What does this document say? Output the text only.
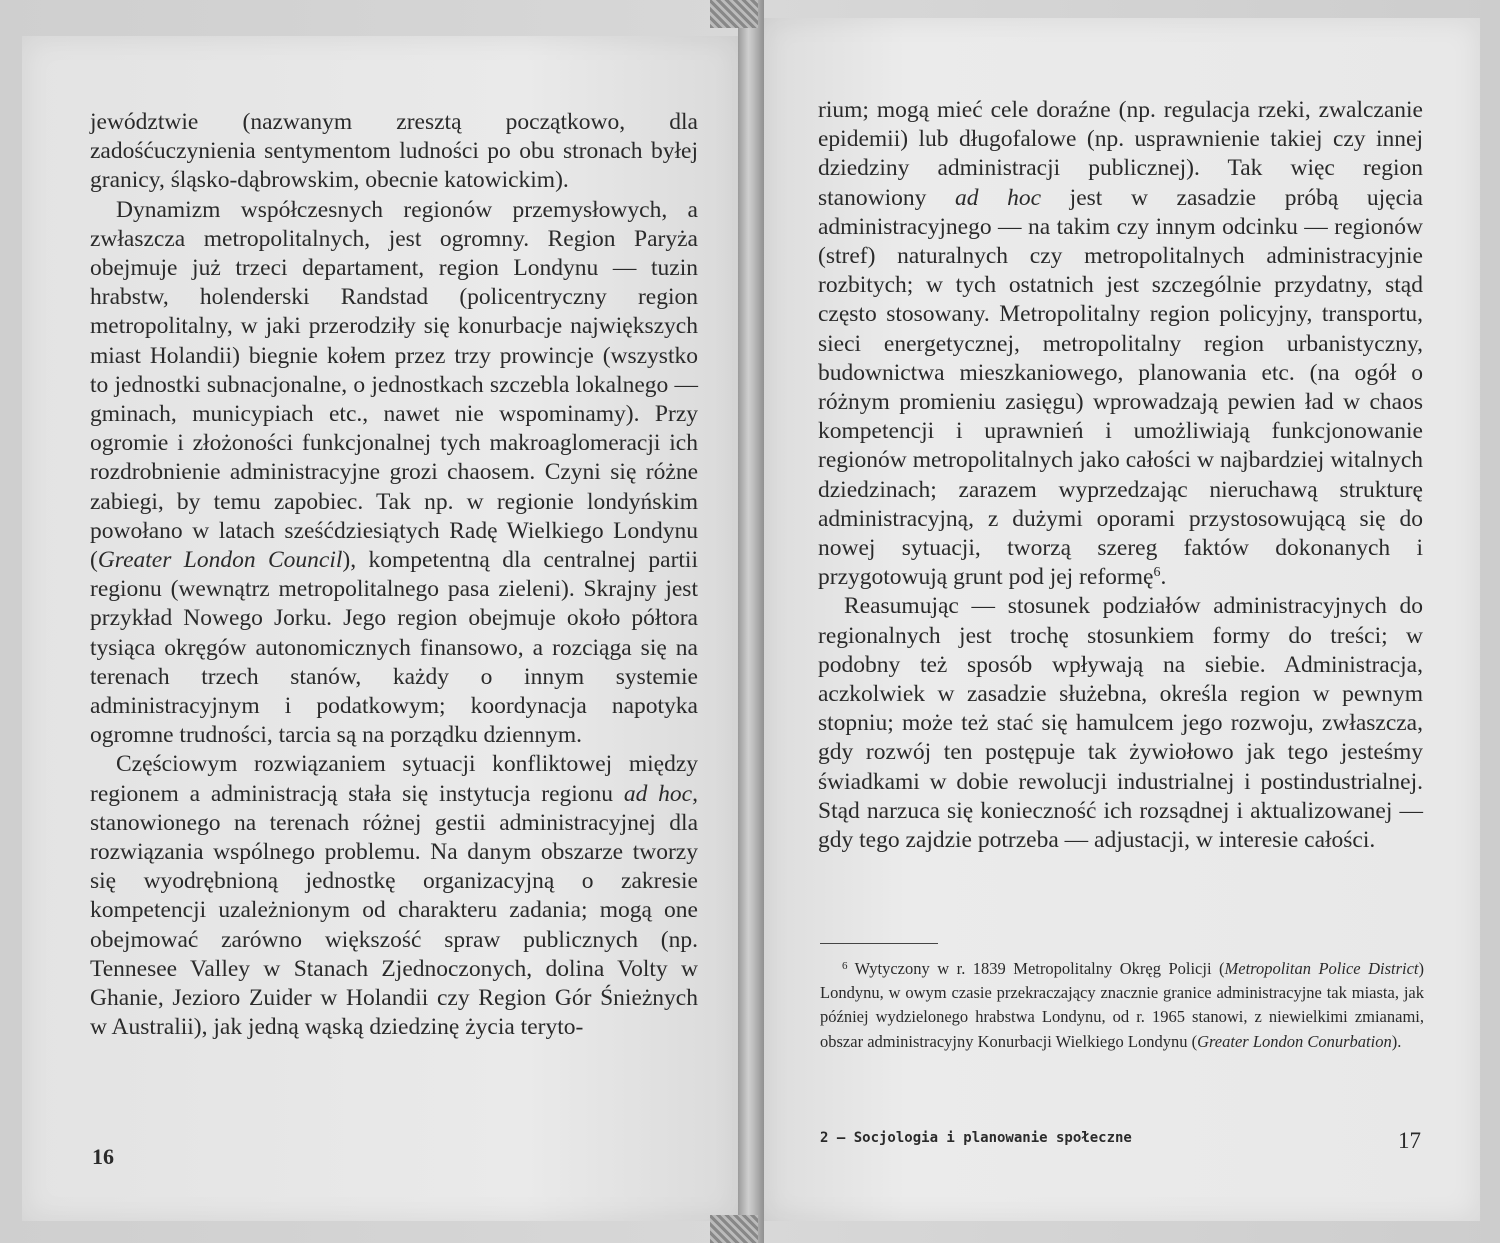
jewództwie (nazwanym zresztą początkowo, dla zadośćuczynienia sentymentom ludności po obu stronach byłej granicy, śląsko-dąbrowskim, obecnie katowickim).

Dynamizm współczesnych regionów przemysłowych, a zwłaszcza metropolitalnych, jest ogromny. Region Paryża obejmuje już trzeci departament, region Londynu — tuzin hrabstw, holenderski Randstad (policentryczny region metropolitalny, w jaki przerodziły się konurbacje największych miast Holandii) biegnie kołem przez trzy prowincje (wszystko to jednostki subnacjonalne, o jednostkach szczebla lokalnego — gminach, municypiach etc., nawet nie wspominamy). Przy ogromie i złożoności funkcjonalnej tych makroaglomeracji ich rozdrobnienie administracyjne grozi chaosem. Czyni się różne zabiegi, by temu zapobiec. Tak np. w regionie londyńskim powołano w latach sześćdziesiątych Radę Wielkiego Londynu (Greater London Council), kompetentną dla centralnej partii regionu (wewnątrz metropolitalnego pasa zieleni). Skrajny jest przykład Nowego Jorku. Jego region obejmuje około półtora tysiąca okręgów autonomicznych finansowo, a rozciąga się na terenach trzech stanów, każdy o innym systemie administracyjnym i podatkowym; koordynacja napotyka ogromne trudności, tarcia są na porządku dziennym.

Częściowym rozwiązaniem sytuacji konfliktowej między regionem a administracją stała się instytucja regionu ad hoc, stanowionego na terenach różnej gestii administracyjnej dla rozwiązania wspólnego problemu. Na danym obszarze tworzy się wyodrębnioną jednostkę organizacyjną o zakresie kompetencji uzależnionym od charakteru zadania; mogą one obejmować zarówno większość spraw publicznych (np. Tennesee Valley w Stanach Zjednoczonych, dolina Volty w Ghanie, Jezioro Zuider w Holandii czy Region Gór Śnieżnych w Australii), jak jedną wąską dziedzinę życia teryto-

16

rium; mogą mieć cele doraźne (np. regulacja rzeki, zwalczanie epidemii) lub długofalowe (np. usprawnienie takiej czy innej dziedziny administracji publicznej). Tak więc region stanowiony ad hoc jest w zasadzie próbą ujęcia administracyjnego — na takim czy innym odcinku — regionów (stref) naturalnych czy metropolitalnych administracyjnie rozbitych; w tych ostatnich jest szczególnie przydatny, stąd często stosowany. Metropolitalny region policyjny, transportu, sieci energetycznej, metropolitalny region urbanistyczny, budownictwa mieszkaniowego, planowania etc. (na ogół o różnym promieniu zasięgu) wprowadzają pewien ład w chaos kompetencji i uprawnień i umożliwiają funkcjonowanie regionów metropolitalnych jako całości w najbardziej witalnych dziedzinach; zarazem wyprzedzając nieruchawą strukturę administracyjną, z dużymi oporami przystosowującą się do nowej sytuacji, tworzą szereg faktów dokonanych i przygotowują grunt pod jej reformę$^6$.

Reasumując — stosunek podziałów administracyjnych do regionalnych jest trochę stosunkiem formy do treści; w podobny też sposób wpływają na siebie. Administracja, aczkolwiek w zasadzie służebna, określa region w pewnym stopniu; może też stać się hamulcem jego rozwoju, zwłaszcza, gdy rozwój ten postępuje tak żywiołowo jak tego jesteśmy świadkami w dobie rewolucji industrialnej i postindustrialnej. Stąd narzuca się konieczność ich rozsądnej i aktualizowanej — gdy tego zajdzie potrzeba — adjustacji, w interesie całości.

$^6$ Wytyczony w r. 1839 Metropolitalny Okręg Policji (Metropolitan Police District) Londynu, w owym czasie przekraczający znacznie granice administracyjne tak miasta, jak później wydzielonego hrabstwa Londynu, od r. 1965 stanowi, z niewielkimi zmianami, obszar administracyjny Konurbacji Wielkiego Londynu (Greater London Conurbation).

2 — Socjologia i planowanie społeczne	17
